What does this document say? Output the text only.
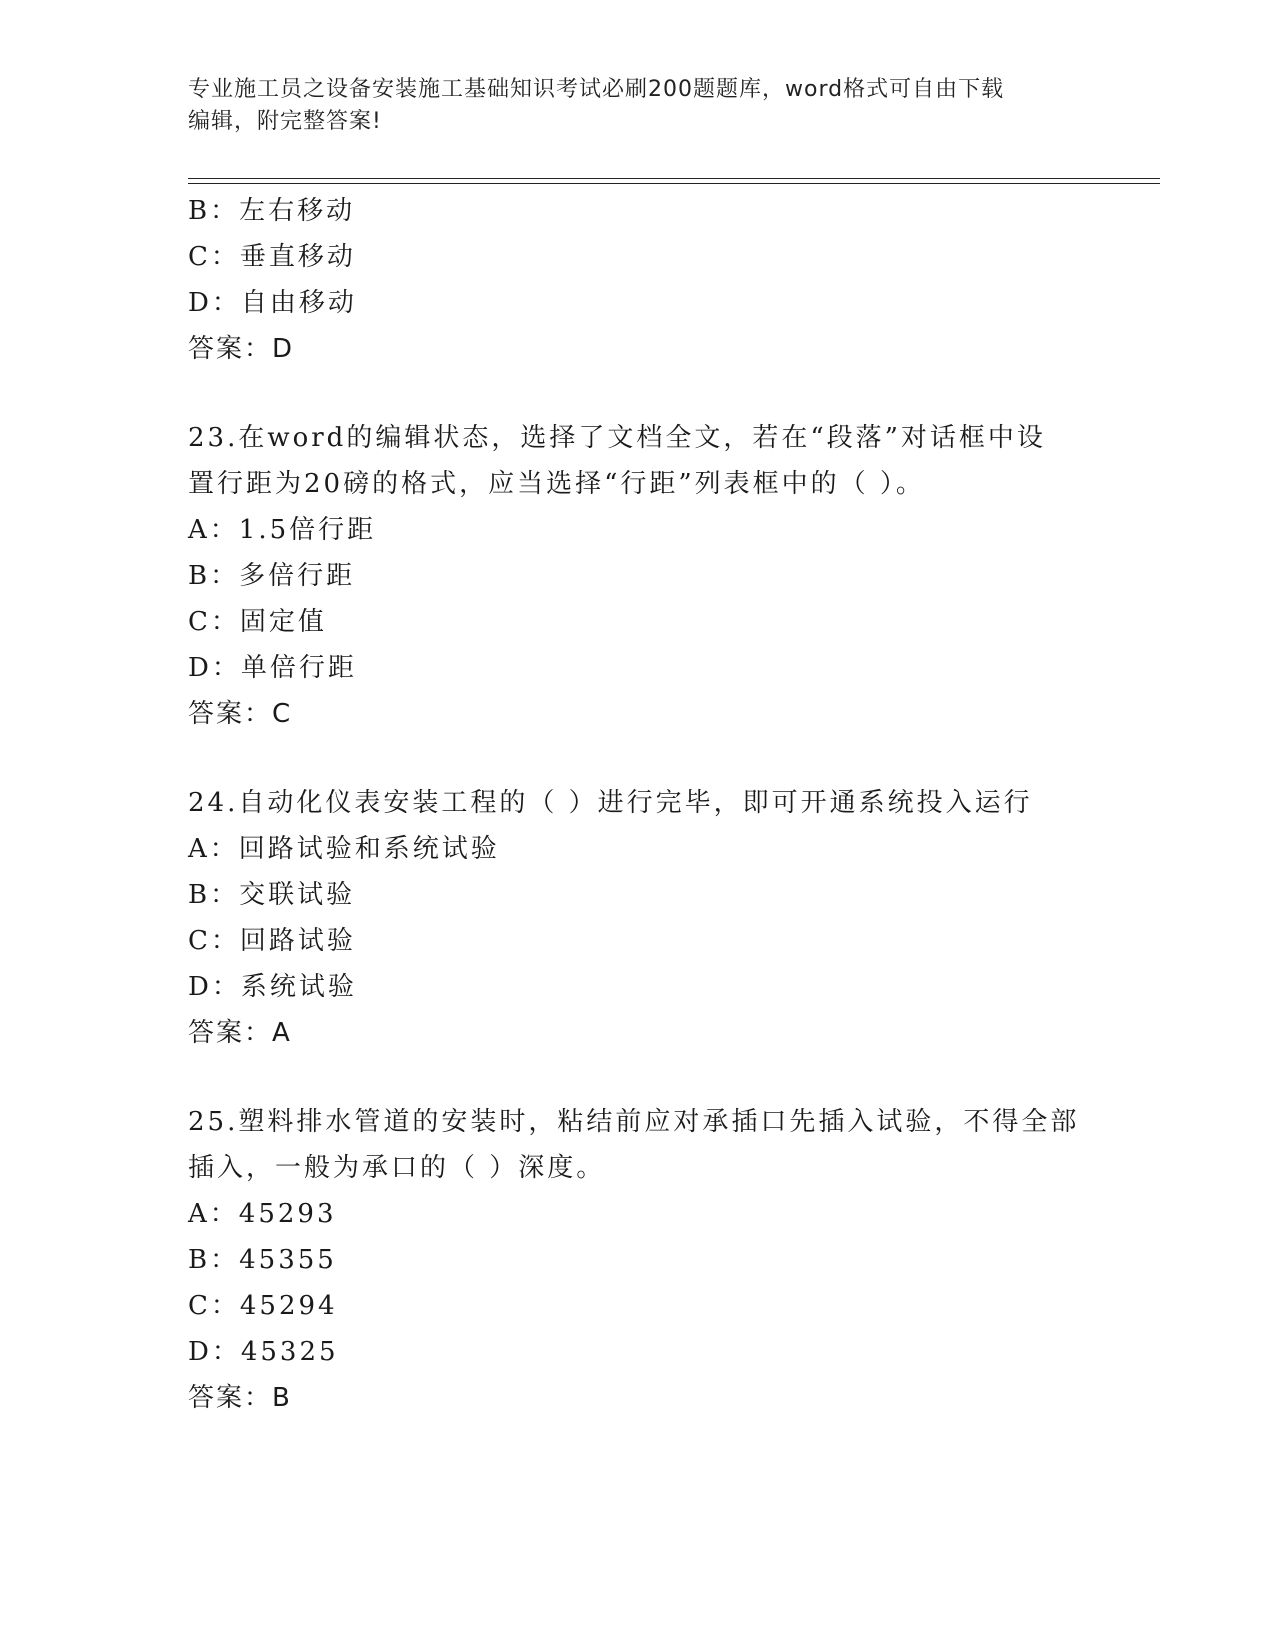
专业施工员之设备安装施工基础知识考试必刷200题题库，word格式可自由下载
编辑，附完整答案!
B：左右移动
C：垂直移动
D：自由移动
答案：D
23.在word的编辑状态，选择了文档全文，若在“段落”对话框中设
置行距为20磅的格式，应当选择“行距”列表框中的（ ）。
A：1.5倍行距
B：多倍行距
C：固定值
D：单倍行距
答案：C
24.自动化仪表安装工程的（ ）进行完毕，即可开通系统投入运行
A：回路试验和系统试验
B：交联试验
C：回路试验
D：系统试验
答案：A
25.塑料排水管道的安装时，粘结前应对承插口先插入试验，不得全部
插入，一般为承口的（ ）深度。
A：45293
B：45355
C：45294
D：45325
答案：B
